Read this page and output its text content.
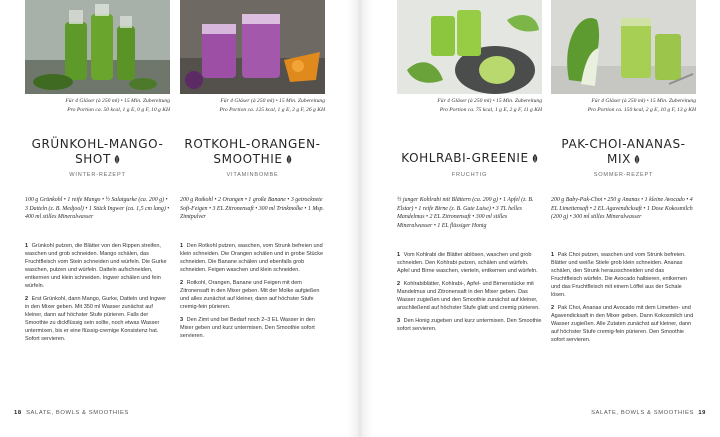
Für 4 Gläser (à 250 ml) • 15 Min. Zubereitung
Pro Portion ca. 50 kcal, 1 g E, 0 g F, 10 g KH
GRÜNKOHL-MANGO-
SHOT
WINTER-REZEPT
100 g Grünkohl • 1 reife Mango • ½ Salatgurke (ca. 200 g) • 3 Datteln (z. B. Medjool) • 1 Stück Ingwer (ca. 1,5 cm lang) • 400 ml stilles Mineralwasser
1 Grünkohl putzen, die Blätter von den Rippen streifen, waschen und grob schneiden. Mango schälen, das Fruchtfleisch vom Stein schneiden und würfeln. Die Gurke waschen, putzen und würfeln. Datteln aufschneiden, entkernen und klein schneiden. Ingwer schälen und fein würfeln.
2 Erst Grünkohl, dann Mango, Gurke, Datteln und Ingwer in den Mixer geben. Mit 350 ml Wasser zunächst auf kleiner, dann auf höchster Stufe pürieren. Falls der Smoothie zu dickflüssig sein sollte, noch etwas Wasser untermixen, bis er eine flüssig-cremige Konsistenz hat. Sofort servieren.
Für 4 Gläser (à 250 ml) • 15 Min. Zubereitung
Pro Portion ca. 125 kcal, 1 g E, 2 g F, 26 g KH
ROTKOHL-ORANGEN-
SMOOTHIE
VITAMINBOMBE
200 g Rotkohl • 2 Orangen • 1 große Banane • 3 getrocknete Soft-Feigen • 3 EL Zitronensaft • 300 ml Trinkmolke • 1 Msp. Zimtpulver
1 Den Rotkohl putzen, waschen, vom Strunk befreien und klein schneiden. Die Orangen schälen und in grobe Stücke schneiden. Die Banane schälen und ebenfalls grob schneiden. Feigen waschen und klein schneiden.
2 Rotkohl, Orangen, Banane und Feigen mit dem Zitronensaft in den Mixer geben. Mit der Molke aufgießen und alles zunächst auf kleiner, dann auf höchster Stufe cremig-fein pürieren.
3 Den Zimt und bei Bedarf noch 2–3 EL Wasser in den Mixer geben und kurz untermixen. Den Smoothie sofort servieren.
18 SALATE, BOWLS & SMOOTHIES
Für 4 Gläser (à 250 ml) • 15 Min. Zubereitung
Pro Portion ca. 75 kcal, 1 g E, 2 g F, 11 g KH
KOHLRABI-GREENIE
FRUCHTIG
½ junger Kohlrabi mit Blättern (ca. 200 g) • 1 Apfel (z. B. Elstar) • 1 reife Birne (z. B. Gute Luise) • 3 TL helles Mandelmus • 2 EL Zitronensaft • 300 ml stilles Mineralwasser • 1 EL flüssiger Honig
1 Vom Kohlrabi die Blätter ablösen, waschen und grob schneiden. Den Kohlrabi putzen, schälen und würfeln. Apfel und Birne waschen, vierteln, entkernen und würfeln.
2 Kohlrabiblätter, Kohlrabi-, Apfel- und Birnenstücke mit Mandelmus und Zitronensaft in den Mixer geben. Das Wasser zugießen und den Smoothie zunächst auf kleiner, anschließend auf höchster Stufe glatt und cremig pürieren.
3 Den Honig zugeben und kurz untermixen. Den Smoothie sofort servieren.
Für 4 Gläser (à 250 ml) • 15 Min. Zubereitung
Pro Portion ca. 150 kcal, 2 g E, 10 g F, 13 g KH
PAK-CHOI-ANANAS-
MIX
SOMMER-REZEPT
200 g Baby-Pak-Choi • 250 g Ananas • 1 kleine Avocado • 4 EL Limettensaft • 2 EL Agavendicksaft • 1 Dose Kokosmilch (200 g) • 300 ml stilles Mineralwasser
1 Pak Choi putzen, waschen und vom Strunk befreien. Blätter und weiße Stiele grob klein schneiden. Ananas schälen, den Strunk herausschneiden und das Fruchtfleisch würfeln. Die Avocado halbieren, entkernen und das Fruchtfleisch mit einem Löffel aus der Schale lösen.
2 Pak Choi, Ananas und Avocado mit dem Limetten- und Agavendicksaft in den Mixer geben. Dann Kokosmilch und Wasser zugießen. Alle Zutaten zunächst auf kleiner, dann auf höchster Stufe cremig-fein pürieren. Den Smoothie sofort servieren.
SALATE, BOWLS & SMOOTHIES 19
